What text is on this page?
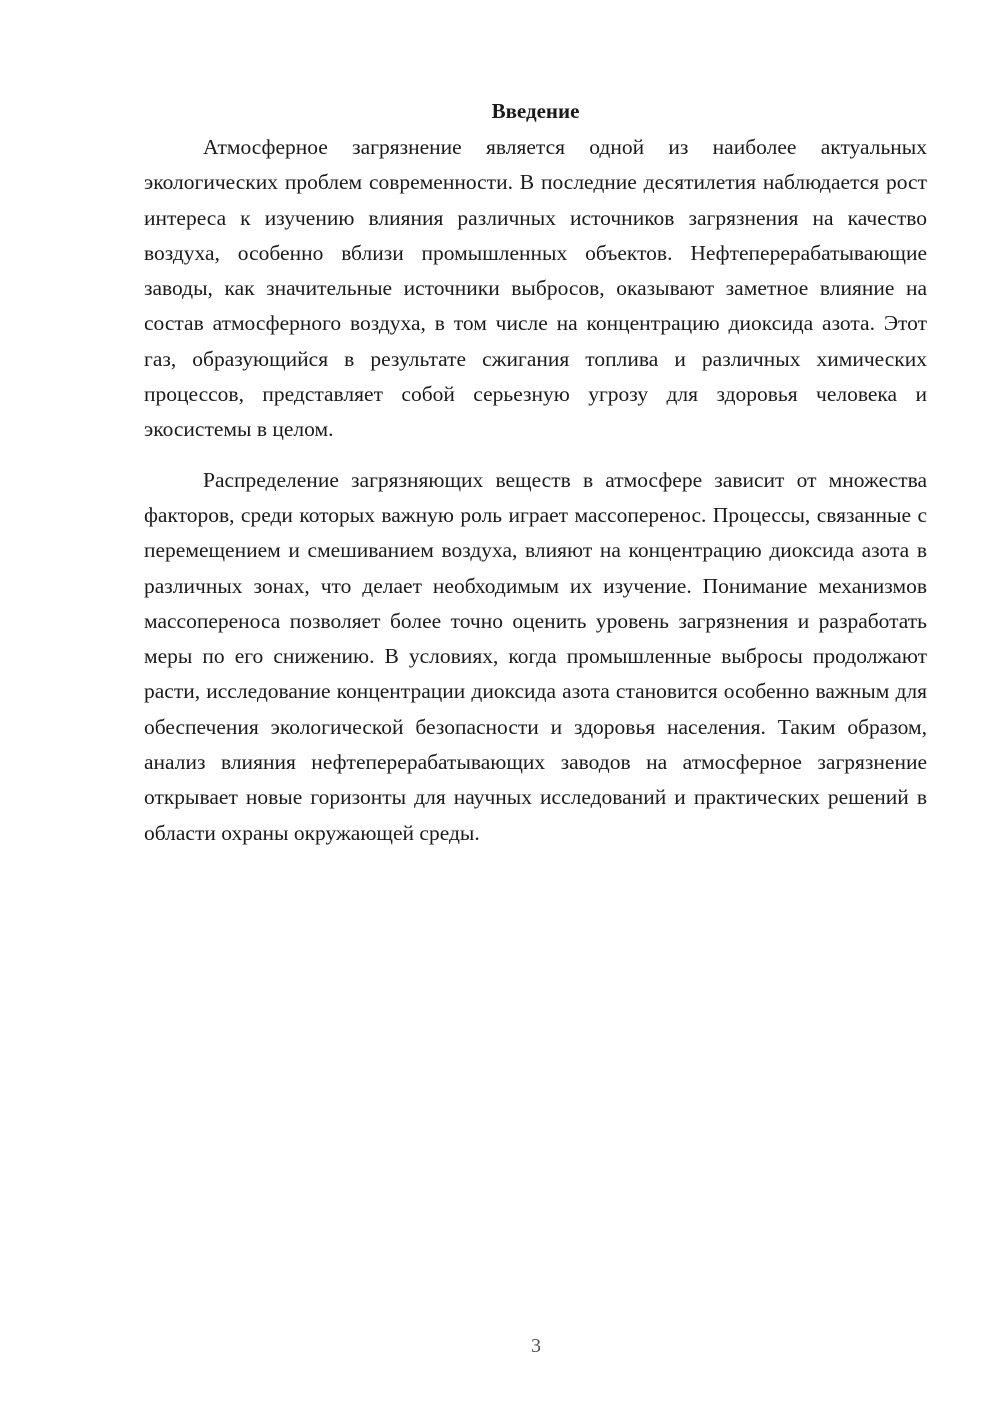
Введение

Атмосферное загрязнение является одной из наиболее актуальных экологических проблем современности. В последние десятилетия наблюдается рост интереса к изучению влияния различных источников загрязнения на качество воздуха, особенно вблизи промышленных объектов. Нефтеперерабатывающие заводы, как значительные источники выбросов, оказывают заметное влияние на состав атмосферного воздуха, в том числе на концентрацию диоксида азота. Этот газ, образующийся в результате сжигания топлива и различных химических процессов, представляет собой серьезную угрозу для здоровья человека и экосистемы в целом.

Распределение загрязняющих веществ в атмосфере зависит от множества факторов, среди которых важную роль играет массоперенос. Процессы, связанные с перемещением и смешиванием воздуха, влияют на концентрацию диоксида азота в различных зонах, что делает необходимым их изучение. Понимание механизмов массопереноса позволяет более точно оценить уровень загрязнения и разработать меры по его снижению. В условиях, когда промышленные выбросы продолжают расти, исследование концентрации диоксида азота становится особенно важным для обеспечения экологической безопасности и здоровья населения. Таким образом, анализ влияния нефтеперерабатывающих заводов на атмосферное загрязнение открывает новые горизонты для научных исследований и практических решений в области охраны окружающей среды.

3
